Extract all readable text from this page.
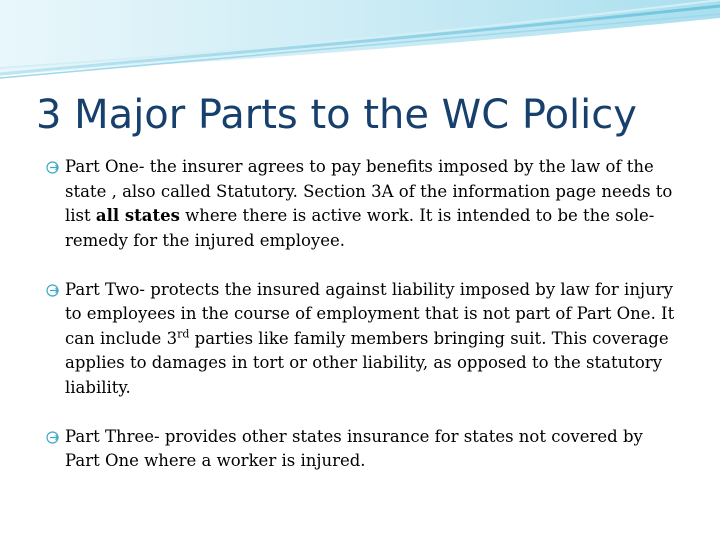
3 Major Parts to the WC Policy
Part One- the insurer agrees to pay benefits imposed by the law of the state , also called Statutory. Section 3A of the information page needs to list all states where there is active work. It is intended to be the sole-remedy for the injured employee.
Part Two- protects the insured against liability imposed by law for injury to employees in the course of employment that is not part of Part One. It can include 3rd parties like family members bringing suit. This coverage applies to damages in tort or other liability, as opposed to the statutory liability.
Part Three- provides other states insurance for states not covered by Part One where a worker is injured.
